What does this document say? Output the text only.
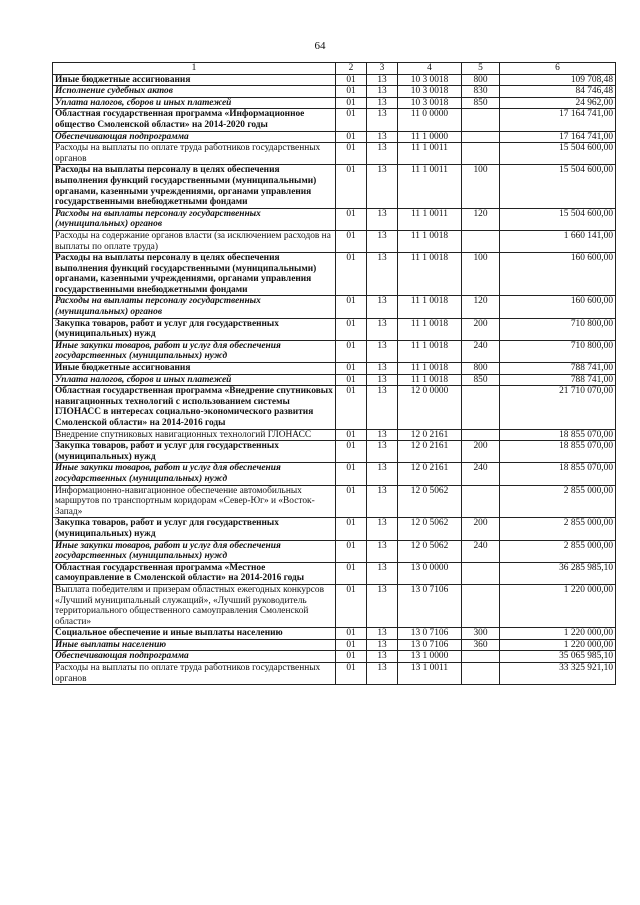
64
1	2	3	4	5	6
Иные бюджетные ассигнования	01	13	10 3 0018	800	109 708,48
Исполнение судебных актов	01	13	10 3 0018	830	84 746,48
Уплата налогов, сборов и иных платежей	01	13	10 3 0018	850	24 962,00
Областная государственная программа «Информационное общество Смоленской области» на 2014-2020 годы	01	13	11 0 0000		17 164 741,00
Обеспечивающая подпрограмма	01	13	11 1 0000		17 164 741,00
Расходы на выплаты по оплате труда работников государственных органов	01	13	11 1 0011		15 504 600,00
Расходы на выплаты персоналу в целях обеспечения выполнения функций государственными (муниципальными) органами, казенными учреждениями, органами управления государственными внебюджетными фондами	01	13	11 1 0011	100	15 504 600,00
Расходы на выплаты персоналу государственных (муниципальных) органов	01	13	11 1 0011	120	15 504 600,00
Расходы на содержание органов власти (за исключением расходов на выплаты по оплате труда)	01	13	11 1 0018		1 660 141,00
Расходы на выплаты персоналу в целях обеспечения выполнения функций государственными (муниципальными) органами, казенными учреждениями, органами управления государственными внебюджетными фондами	01	13	11 1 0018	100	160 600,00
Расходы на выплаты персоналу государственных (муниципальных) органов	01	13	11 1 0018	120	160 600,00
Закупка товаров, работ и услуг для государственных (муниципальных) нужд	01	13	11 1 0018	200	710 800,00
Иные закупки товаров, работ и услуг для обеспечения государственных (муниципальных) нужд	01	13	11 1 0018	240	710 800,00
Иные бюджетные ассигнования	01	13	11 1 0018	800	788 741,00
Уплата налогов, сборов и иных платежей	01	13	11 1 0018	850	788 741,00
Областная государственная программа «Внедрение спутниковых навигационных технологий с использованием системы ГЛОНАСС в интересах социально-экономического развития Смоленской области» на 2014-2016 годы	01	13	12 0 0000		21 710 070,00
Внедрение спутниковых навигационных технологий ГЛОНАСС	01	13	12 0 2161		18 855 070,00
Закупка товаров, работ и услуг для государственных (муниципальных) нужд	01	13	12 0 2161	200	18 855 070,00
Иные закупки товаров, работ и услуг для обеспечения государственных (муниципальных) нужд	01	13	12 0 2161	240	18 855 070,00
Информационно-навигационное обеспечение автомобильных маршрутов по транспортным коридорам «Север-Юг» и «Восток-Запад»	01	13	12 0 5062		2 855 000,00
Закупка товаров, работ и услуг для государственных (муниципальных) нужд	01	13	12 0 5062	200	2 855 000,00
Иные закупки товаров, работ и услуг для обеспечения государственных (муниципальных) нужд	01	13	12 0 5062	240	2 855 000,00
Областная государственная программа «Местное самоуправление в Смоленской области» на 2014-2016 годы	01	13	13 0 0000		36 285 985,10
Выплата победителям и призерам областных ежегодных конкурсов «Лучший муниципальный служащий», «Лучший руководитель территориального общественного самоуправления Смоленской области»	01	13	13 0 7106		1 220 000,00
Социальное обеспечение и иные выплаты населению	01	13	13 0 7106	300	1 220 000,00
Иные выплаты населению	01	13	13 0 7106	360	1 220 000,00
Обеспечивающая подпрограмма	01	13	13 1 0000		35 065 985,10
Расходы на выплаты по оплате труда работников государственных органов	01	13	13 1 0011		33 325 921,10
